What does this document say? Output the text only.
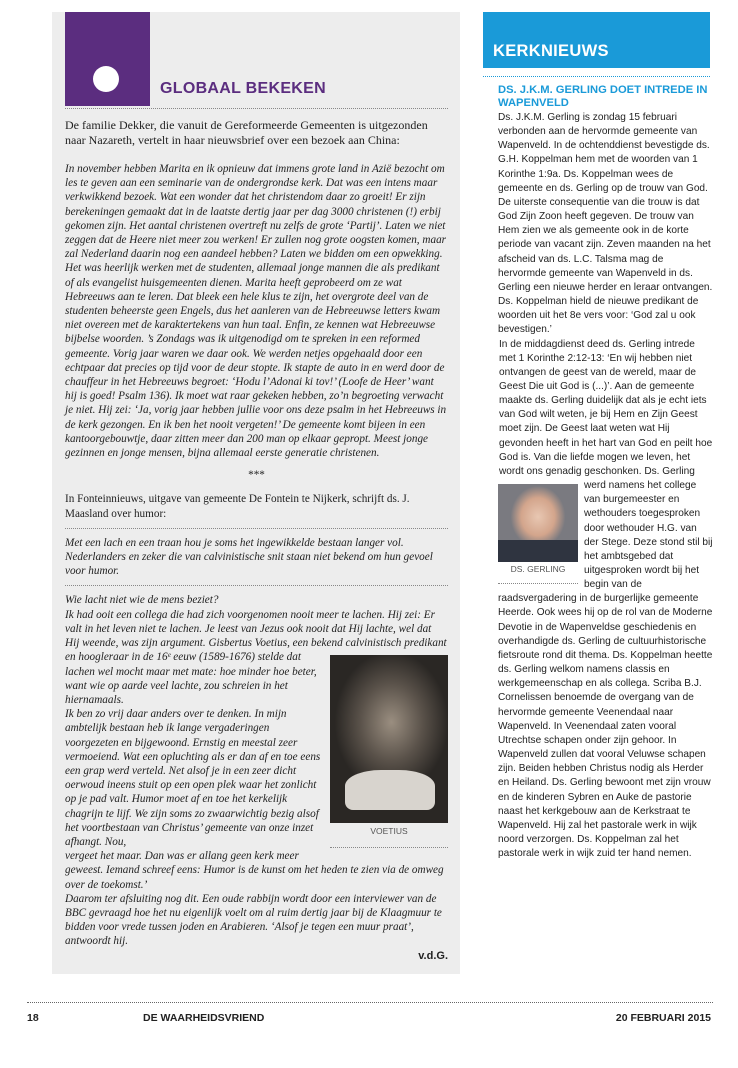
GLOBAAL BEKEKEN

De familie Dekker, die vanuit de Gereformeerde Gemeenten is uitgezonden naar Nazareth, vertelt in haar nieuwsbrief over een bezoek aan China:

In november hebben Marita en ik opnieuw dat immens grote land in Azië bezocht om les te geven aan een seminarie van de ondergrondse kerk. Dat was een intens maar verkwikkend bezoek. Wat een wonder dat het christendom daar zo groeit! Er zijn berekeningen gemaakt dat in de laatste dertig jaar per dag 3000 christenen (!) erbij gekomen zijn. Het aantal christenen overtreft nu zelfs de grote ‘Partij’. Laten we niet zeggen dat de Heere niet meer zou werken! Er zullen nog grote oogsten komen, maar zal Nederland daarin nog een aandeel hebben? Laten we bidden om een opwekking.

Het was heerlijk werken met de studenten, allemaal jonge mannen die als predikant of als evangelist huisgemeenten dienen. Marita heeft geprobeerd om ze wat Hebreeuws aan te leren. Dat bleek een hele klus te zijn, het overgrote deel van de studenten beheerste geen Engels, dus het aanleren van de Hebreeuwse letters kwam niet overeen met de karaktertekens van hun taal. Enfin, ze kennen wat Hebreeuwse bijbelse woorden. ’s Zondags was ik uitgenodigd om te spreken in een reformed gemeente. Vorig jaar waren we daar ook. We werden netjes opgehaald door een echtpaar dat precies op tijd voor de deur stopte. Ik stapte de auto in en werd door de chauffeur in het Hebreeuws begroet: ‘Hodu l’Adonai ki tov!’ (Loofe de Heer’ want hij is goed! Psalm 136). Ik moet wat raar gekeken hebben, zo’n begroeting verwacht je niet. Hij zei: ‘Ja, vorig jaar hebben jullie voor ons deze psalm in het Hebreeuws in de kerk gezongen. En ik ben het nooit vergeten!’ De gemeente komt bijeen in een kantoorgebouwtje, daar zitten meer dan 200 man op elkaar gepropt. Meest jonge gezinnen en jonge mensen, bijna allemaal eerste generatie christenen.

***

In Fonteinnieuws, uitgave van gemeente De Fontein te Nijkerk, schrijft ds. J. Maasland over humor:

Met een lach en een traan hou je soms het ingewikkelde bestaan langer vol. Nederlanders en zeker die van calvinistische snit staan niet bekend om hun gevoel voor humor.

Wie lacht niet wie de mens beziet?

Ik had ooit een collega die had zich voorgenomen nooit meer te lachen. Hij zei: Er valt in het leven niet te lachen. Je leest van Jezus ook nooit dat Hij lachte, wel dat Hij weende, was zijn argument. Gisbertus Voetius, een bekend calvinistisch predikant en hoogleraar in de 16ᵉ eeuw (1589-1676) stelde dat lachen wel mocht maar met mate: hoe minder hoe beter, want wie op aarde veel lachte, zou schreien in het hiernamaals.

Ik ben zo vrij daar anders over te denken. In mijn ambtelijk bestaan heb ik lange vergaderingen voorgezeten en bijgewoond. Ernstig en meestal zeer vermoeiend. Wat een opluchting als er dan af en toe eens een grap werd verteld. Net alsof je in een zeer dicht oerwoud ineens stuit op een open plek waar het zonlicht op je pad valt. Humor moet af en toe het kerkelijk chagrijn te lijf. We zijn soms zo zwaarwichtig bezig alsof het voortbestaan van Christus’ gemeente van onze inzet afhangt. Nou,

vergeet het maar. Dan was er allang geen kerk meer geweest. Iemand schreef eens: Humor is de kunst om het heden te zien via de omweg over de toekomst.’

Daarom ter afsluiting nog dit. Een oude rabbijn wordt door een interviewer van de BBC gevraagd hoe het nu eigenlijk voelt om al ruim dertig jaar bij de Klaagmuur te bidden voor vrede tussen joden en Arabieren. ‘Alsof je tegen een muur praat’, antwoordt hij.

v.d.G.

VOETIUS
KERKNIEUWS
DS. J.K.M. GERLING DOET INTREDE IN WAPENVELD

Ds. J.K.M. Gerling is zondag 15 februari verbonden aan de hervormde gemeente van Wapenveld. In de ochtenddienst bevestigde ds. G.H. Koppelman hem met de woorden van 1 Korinthe 1:9a. Ds. Koppelman wees de gemeente en ds. Gerling op de trouw van God. De uiterste consequentie van die trouw is dat God Zijn Zoon heeft gegeven. De trouw van Hem zien we als gemeente ook in de korte periode van vacant zijn. Zeven maanden na het afscheid van ds. L.C. Talsma mag de hervormde gemeente van Wapenveld in ds. Gerling een nieuwe herder en leraar ontvangen. Ds. Koppelman hield de nieuwe predikant de woorden uit het 8e vers voor: ‘God zal u ook bevestigen.’

In de middagdienst deed ds. Gerling intrede met 1 Korinthe 2:12-13: ‘En wij hebben niet ontvangen de geest van de wereld, maar de Geest Die uit God is (...)’. Aan de gemeente maakte ds. Gerling duidelijk dat als je echt iets van God wilt weten, je bij Hem en Zijn Geest moet zijn. De Geest laat weten wat Hij gevonden heeft in het hart van God en peilt hoe God is. Van die liefde mogen we leven, het wordt ons genadig geschonken. Ds. Gerling werd namens het college van burgemeester en

wethouders toegesproken door wethouder H.G. van der Stege. Deze stond stil bij het ambtsgebed dat uitgesproken wordt bij het begin van de raadsvergadering in de burgerlijke gemeente Heerde. Ook wees hij op de rol van de Moderne Devotie in de Wapenveldse geschiedenis en overhandigde ds. Gerling de cultuurhistorische fietsroute rond dit thema. Ds. Koppelman heette ds. Gerling welkom namens classis en werkgemeenschap en als collega. Scriba B.J. Cornelissen benoemde de overgang van de hervormde gemeente Veenendaal naar Wapenveld. In Veenendaal zaten vooral Utrechtse schapen onder zijn gehoor. In Wapenveld zullen dat vooral Veluwse schapen zijn. Beiden hebben Christus nodig als Herder en Heiland. Ds. Gerling bewoont met zijn vrouw en de kinderen Sybren en Auke de pastorie naast het kerkgebouw aan de Kerkstraat te Wapenveld. Hij zal het pastorale werk in wijk noord verzorgen. Ds. Koppelman zal het pastorale werk in wijk zuid ter hand nemen.

DS. GERLING
18	DE WAARHEIDSVRIEND	20 FEBRUARI 2015
